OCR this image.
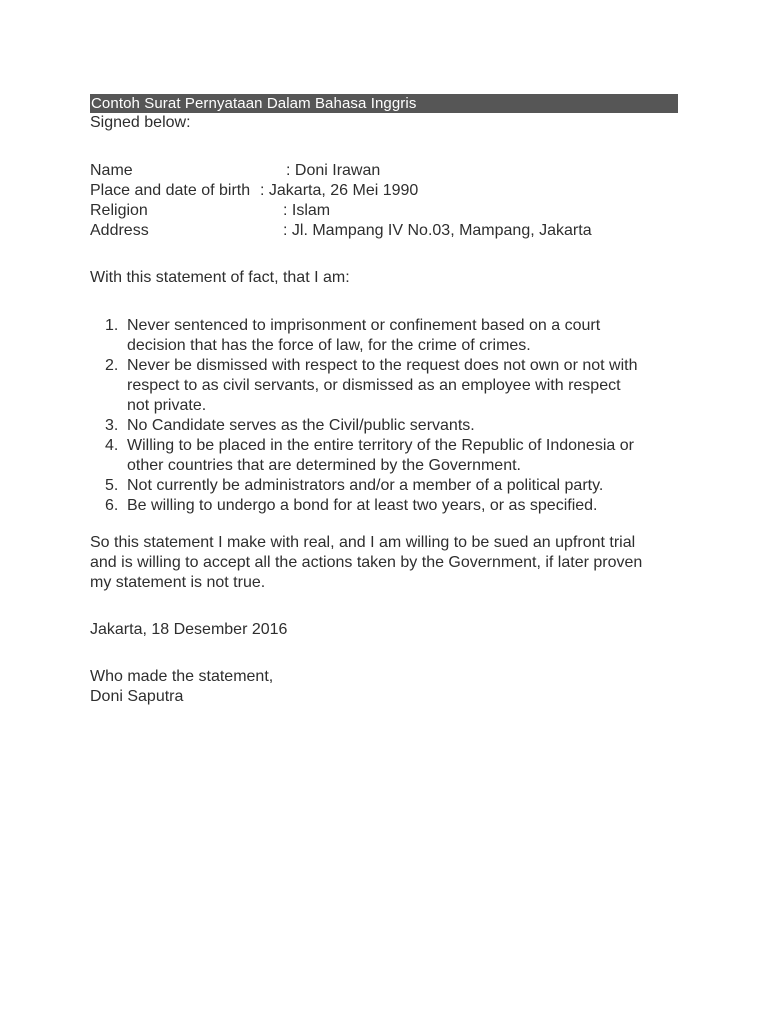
Contoh Surat Pernyataan Dalam Bahasa Inggris
Signed below:
Name	: Doni Irawan
Place and date of birth : Jakarta, 26 Mei 1990
Religion	: Islam
Address	: Jl. Mampang IV No.03, Mampang, Jakarta
With this statement of fact, that I am:
1. Never sentenced to imprisonment or confinement based on a court
decision that has the force of law, for the crime of crimes.
2. Never be dismissed with respect to the request does not own or not with
respect to as civil servants, or dismissed as an employee with respect
not private.
3. No Candidate serves as the Civil/public servants.
4. Willing to be placed in the entire territory of the Republic of Indonesia or
other countries that are determined by the Government.
5. Not currently be administrators and/or a member of a political party.
6. Be willing to undergo a bond for at least two years, or as specified.
So this statement I make with real, and I am willing to be sued an upfront trial
and is willing to accept all the actions taken by the Government, if later proven
my statement is not true.
Jakarta, 18 Desember 2016
Who made the statement,
Doni Saputra
